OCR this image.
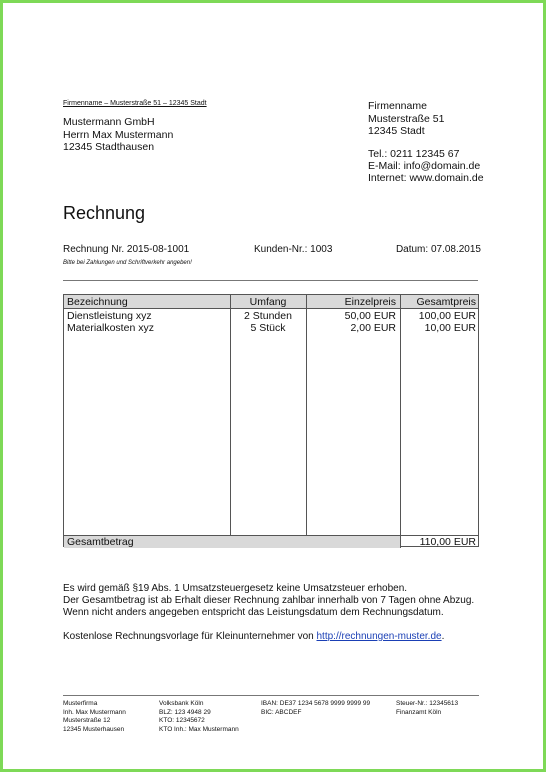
Firmenname – Musterstraße 51 – 12345 Stadt
Mustermann GmbH
Herrn Max Mustermann
12345 Stadthausen
Firmenname
Musterstraße 51
12345 Stadt
Tel.: 0211 12345 67
E-Mail: info@domain.de
Internet: www.domain.de
Rechnung
Rechnung Nr. 2015-08-1001	Kunden-Nr.: 1003	Datum: 07.08.2015
Bitte bei Zahlungen und Schriftverkehr angeben!
Bezeichnung	Umfang	Einzelpreis	Gesamtpreis
Dienstleistung xyz	2 Stunden	50,00 EUR	100,00 EUR
Materialkosten xyz	5 Stück	2,00 EUR	10,00 EUR
Gesamtbetrag	110,00 EUR

Es wird gemäß §19 Abs. 1 Umsatzsteuergesetz keine Umsatzsteuer erhoben.

Der Gesamtbetrag ist ab Erhalt dieser Rechnung zahlbar innerhalb von 7 Tagen ohne Abzug.

Wenn nicht anders angegeben entspricht das Leistungsdatum dem Rechnungsdatum.

Kostenlose Rechnungsvorlage für Kleinunternehmer von http://rechnungen-muster.de.

Musterfirma
Inh. Max Mustermann
Musterstraße 12
12345 Musterhausen
Volksbank Köln
BLZ: 123 4948 29
KTO: 12345672
KTO Inh.: Max Mustermann
IBAN: DE37 1234 5678 9999 9999 99
BIC: ABCDEF
Steuer-Nr.: 12345613
Finanzamt Köln
